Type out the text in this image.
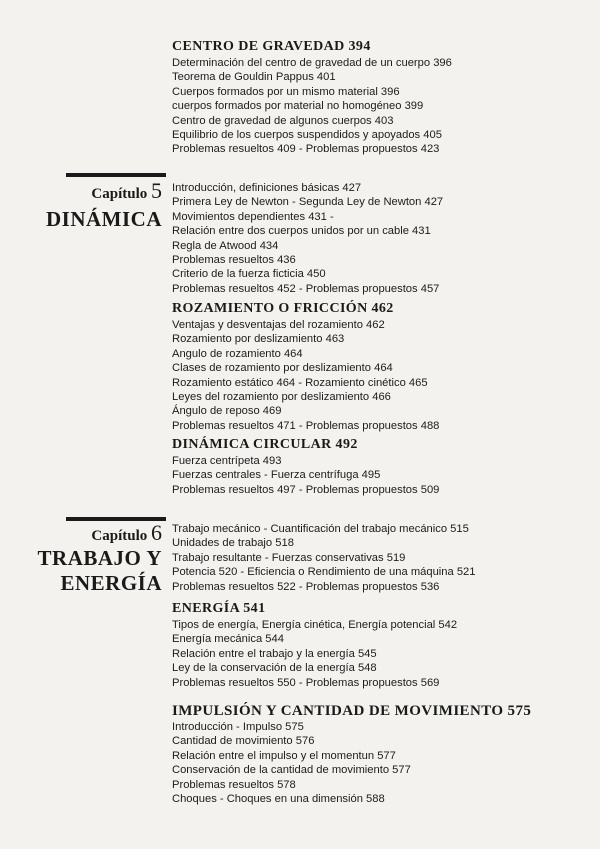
CENTRO DE GRAVEDAD 394
Determinación del centro de gravedad de un cuerpo 396
Teorema de Gouldin Pappus 401
Cuerpos formados por un mismo material 396
cuerpos formados por material no homogéneo 399
Centro de gravedad de algunos cuerpos 403
Equilibrio de los cuerpos suspendidos y apoyados 405
Problemas resueltos 409 - Problemas propuestos 423
Capítulo 5
DINÁMICA
Introducción, definiciones básicas 427
Primera Ley de Newton - Segunda Ley de Newton 427
Movimientos dependientes 431 -
Relación entre dos cuerpos unidos por un cable 431
Regla de Atwood 434
Problemas resueltos 436
Criterio de la fuerza ficticia 450
Problemas resueltos 452 - Problemas propuestos 457
ROZAMIENTO O FRICCIÓN 462
Ventajas y desventajas del rozamiento 462
Rozamiento por deslizamiento 463
Angulo de rozamiento 464
Clases de rozamiento por deslizamiento 464
Rozamiento estático 464 - Rozamiento cinético 465
Leyes del rozamiento por deslizamiento 466
Ángulo de reposo 469
Problemas resueltos 471 - Problemas propuestos 488
DINÁMICA CIRCULAR 492
Fuerza centrípeta 493
Fuerzas centrales - Fuerza centrífuga 495
Problemas resueltos 497 - Problemas propuestos 509
Capítulo 6
TRABAJO Y
ENERGÍA
Trabajo mecánico - Cuantificación del trabajo mecánico 515
Unidades de trabajo 518
Trabajo resultante - Fuerzas conservativas 519
Potencia 520 - Eficiencia o Rendimiento de una máquina 521
Problemas resueltos 522 - Problemas propuestos 536
ENERGÍA 541
Tipos de energía, Energía cinética, Energía potencial 542
Energía mecánica 544
Relación entre el trabajo y la energía 545
Ley de la conservación de la energía 548
Problemas resueltos 550 - Problemas propuestos 569
IMPULSIÓN Y CANTIDAD DE MOVIMIENTO 575
Introducción - Impulso 575
Cantidad de movimiento 576
Relación entre el impulso y el momentun 577
Conservación de la cantidad de movimiento 577
Problemas resueltos 578
Choques - Choques en una dimensión 588
